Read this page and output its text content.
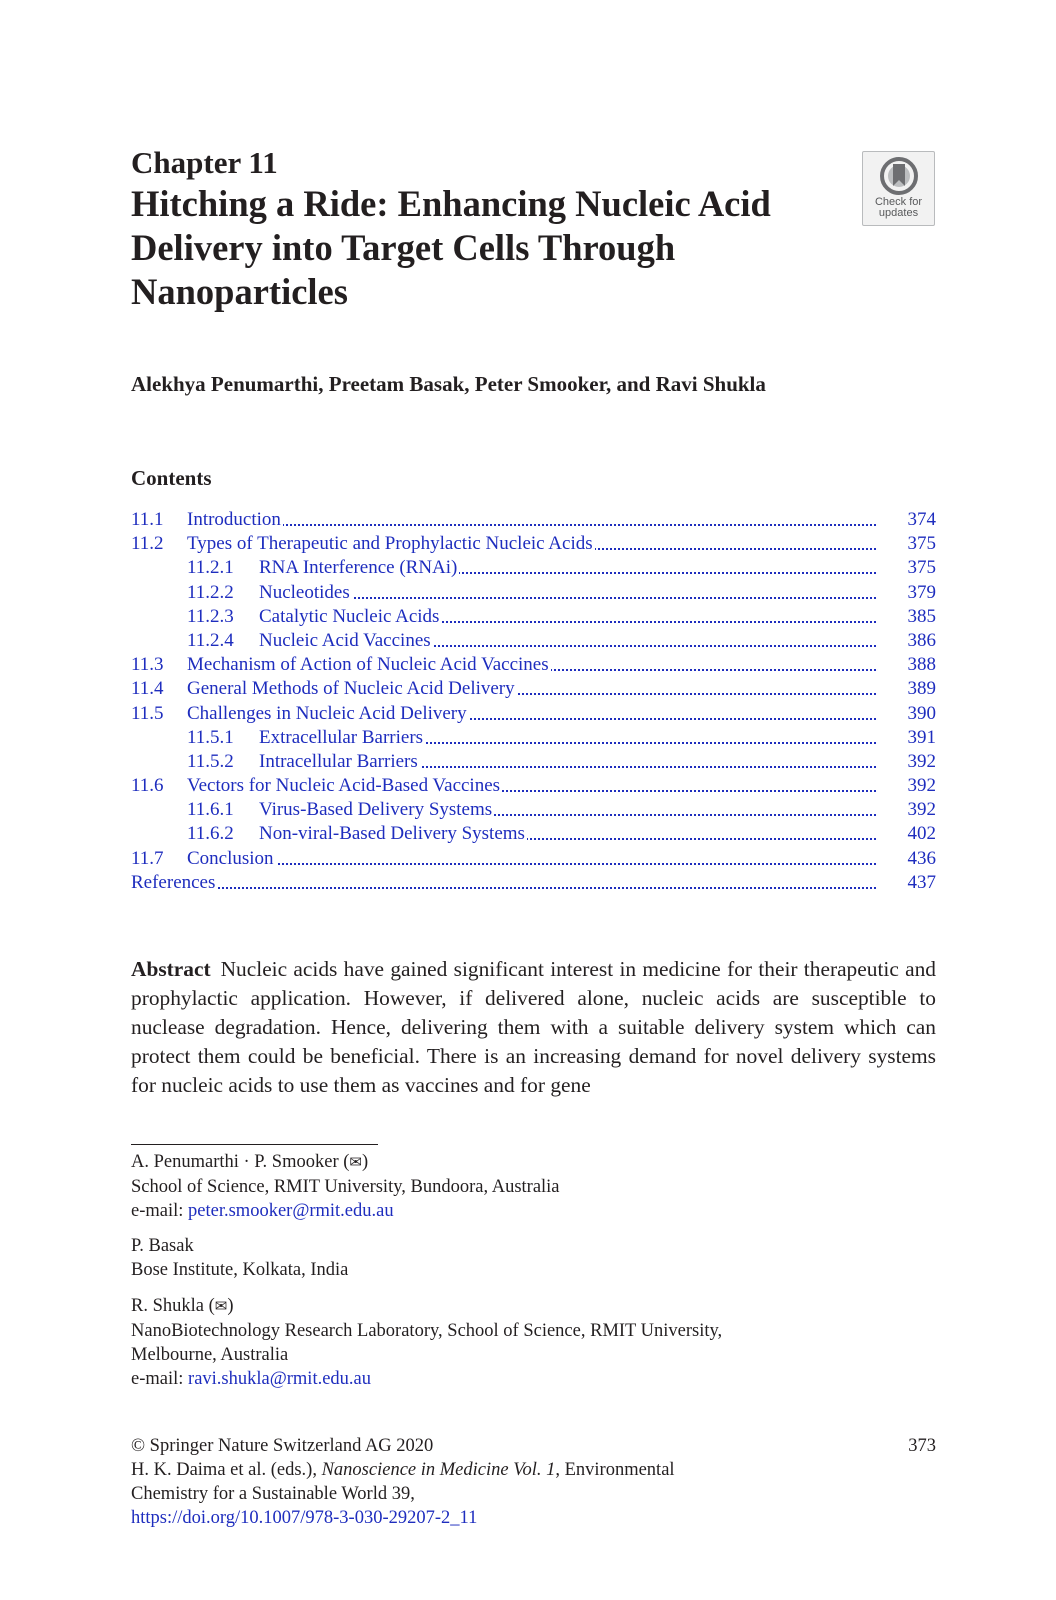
Chapter 11
Hitching a Ride: Enhancing Nucleic Acid
Delivery into Target Cells Through
Nanoparticles
Check for
updates
Alekhya Penumarthi, Preetam Basak, Peter Smooker, and Ravi Shukla
Contents
11.1 Introduction	374
11.2 Types of Therapeutic and Prophylactic Nucleic Acids	375
11.2.1 RNA Interference (RNAi)	375
11.2.2 Nucleotides	379
11.2.3 Catalytic Nucleic Acids	385
11.2.4 Nucleic Acid Vaccines	386
11.3 Mechanism of Action of Nucleic Acid Vaccines	388
11.4 General Methods of Nucleic Acid Delivery	389
11.5 Challenges in Nucleic Acid Delivery	390
11.5.1 Extracellular Barriers	391
11.5.2 Intracellular Barriers	392
11.6 Vectors for Nucleic Acid-Based Vaccines	392
11.6.1 Virus-Based Delivery Systems	392
11.6.2 Non-viral-Based Delivery Systems	402
11.7 Conclusion	436
References	437
Abstract Nucleic acids have gained significant interest in medicine for their therapeutic and prophylactic application. However, if delivered alone, nucleic acids are susceptible to nuclease degradation. Hence, delivering them with a suitable delivery system which can protect them could be beneficial. There is an increasing demand for novel delivery systems for nucleic acids to use them as vaccines and for gene
A. Penumarthi · P. Smooker (✉)
School of Science, RMIT University, Bundoora, Australia
e-mail: peter.smooker@rmit.edu.au
P. Basak
Bose Institute, Kolkata, India
R. Shukla (✉)
NanoBiotechnology Research Laboratory, School of Science, RMIT University,
Melbourne, Australia
e-mail: ravi.shukla@rmit.edu.au
© Springer Nature Switzerland AG 2020
H. K. Daima et al. (eds.), Nanoscience in Medicine Vol. 1, Environmental
Chemistry for a Sustainable World 39,
https://doi.org/10.1007/978-3-030-29207-2_11
373
